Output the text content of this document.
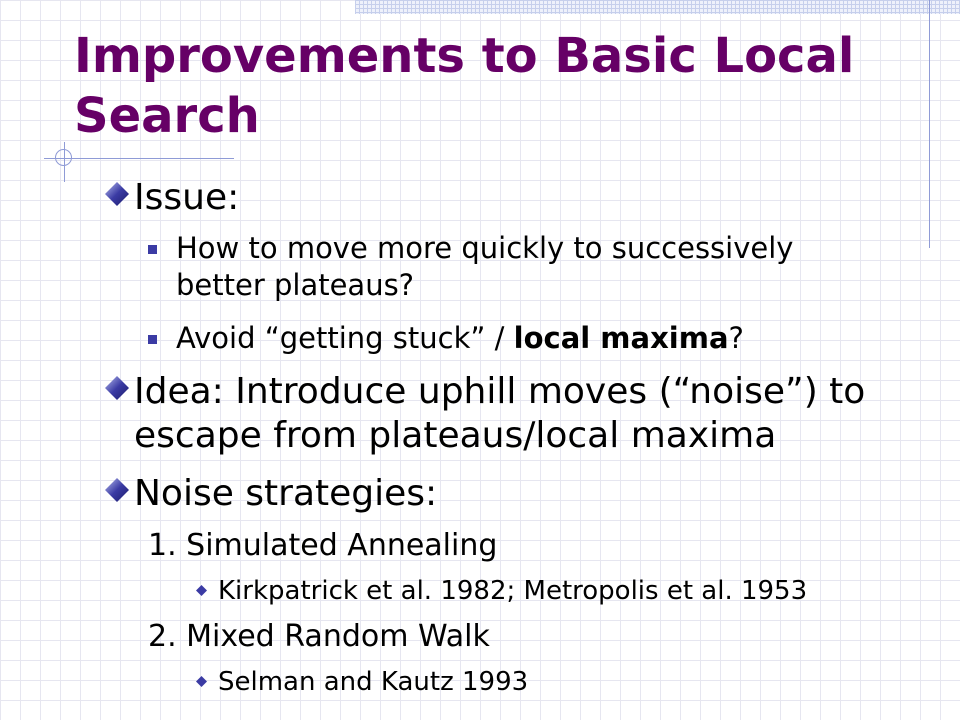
Improvements to Basic Local Search
Issue:
How to move more quickly to successively better plateaus?
Avoid “getting stuck” / local maxima?
Idea: Introduce uphill moves (“noise”) to escape from plateaus/local maxima
Noise strategies:
1. Simulated Annealing
Kirkpatrick et al. 1982; Metropolis et al. 1953
2. Mixed Random Walk
Selman and Kautz 1993
